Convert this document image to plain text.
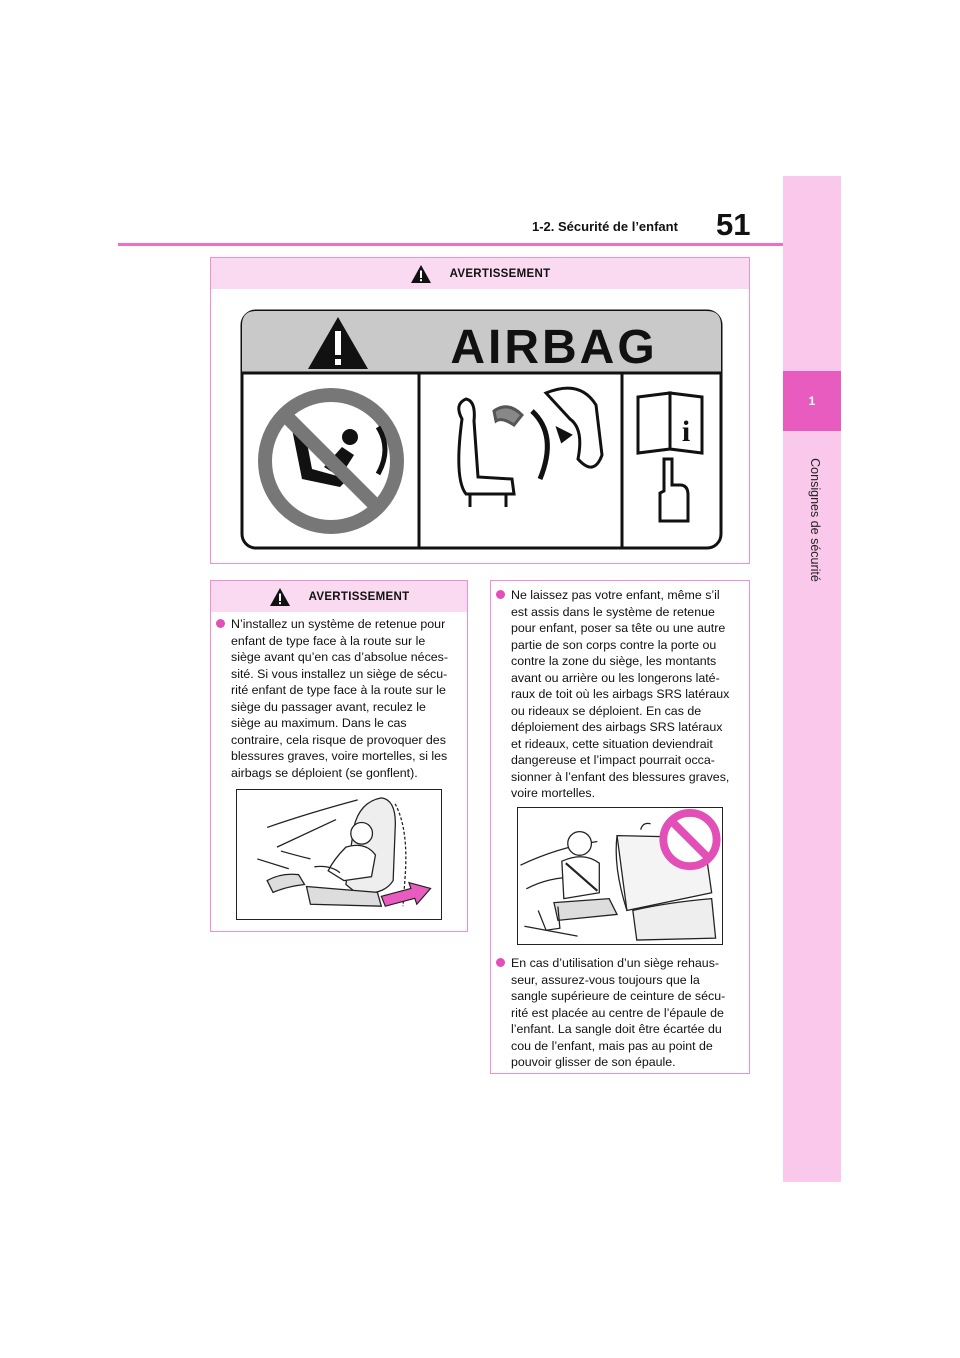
1-2. Sécurité de l’enfant 51
1
Consignes de sécurité
AVERTISSEMENT
AIRBAG
i
AVERTISSEMENT
N’installez un système de retenue pour
enfant de type face à la route sur le
siège avant qu’en cas d’absolue néces-
sité. Si vous installez un siège de sécu-
rité enfant de type face à la route sur le
siège du passager avant, reculez le
siège au maximum. Dans le cas
contraire, cela risque de provoquer des
blessures graves, voire mortelles, si les
airbags se déploient (se gonflent).
Ne laissez pas votre enfant, même s’il
est assis dans le système de retenue
pour enfant, poser sa tête ou une autre
partie de son corps contre la porte ou
contre la zone du siège, les montants
avant ou arrière ou les longerons laté-
raux de toit où les airbags SRS latéraux
ou rideaux se déploient. En cas de
déploiement des airbags SRS latéraux
et rideaux, cette situation deviendrait
dangereuse et l’impact pourrait occa-
sionner à l’enfant des blessures graves,
voire mortelles.
En cas d’utilisation d’un siège rehaus-
seur, assurez-vous toujours que la
sangle supérieure de ceinture de sécu-
rité est placée au centre de l’épaule de
l’enfant. La sangle doit être écartée du
cou de l’enfant, mais pas au point de
pouvoir glisser de son épaule.
